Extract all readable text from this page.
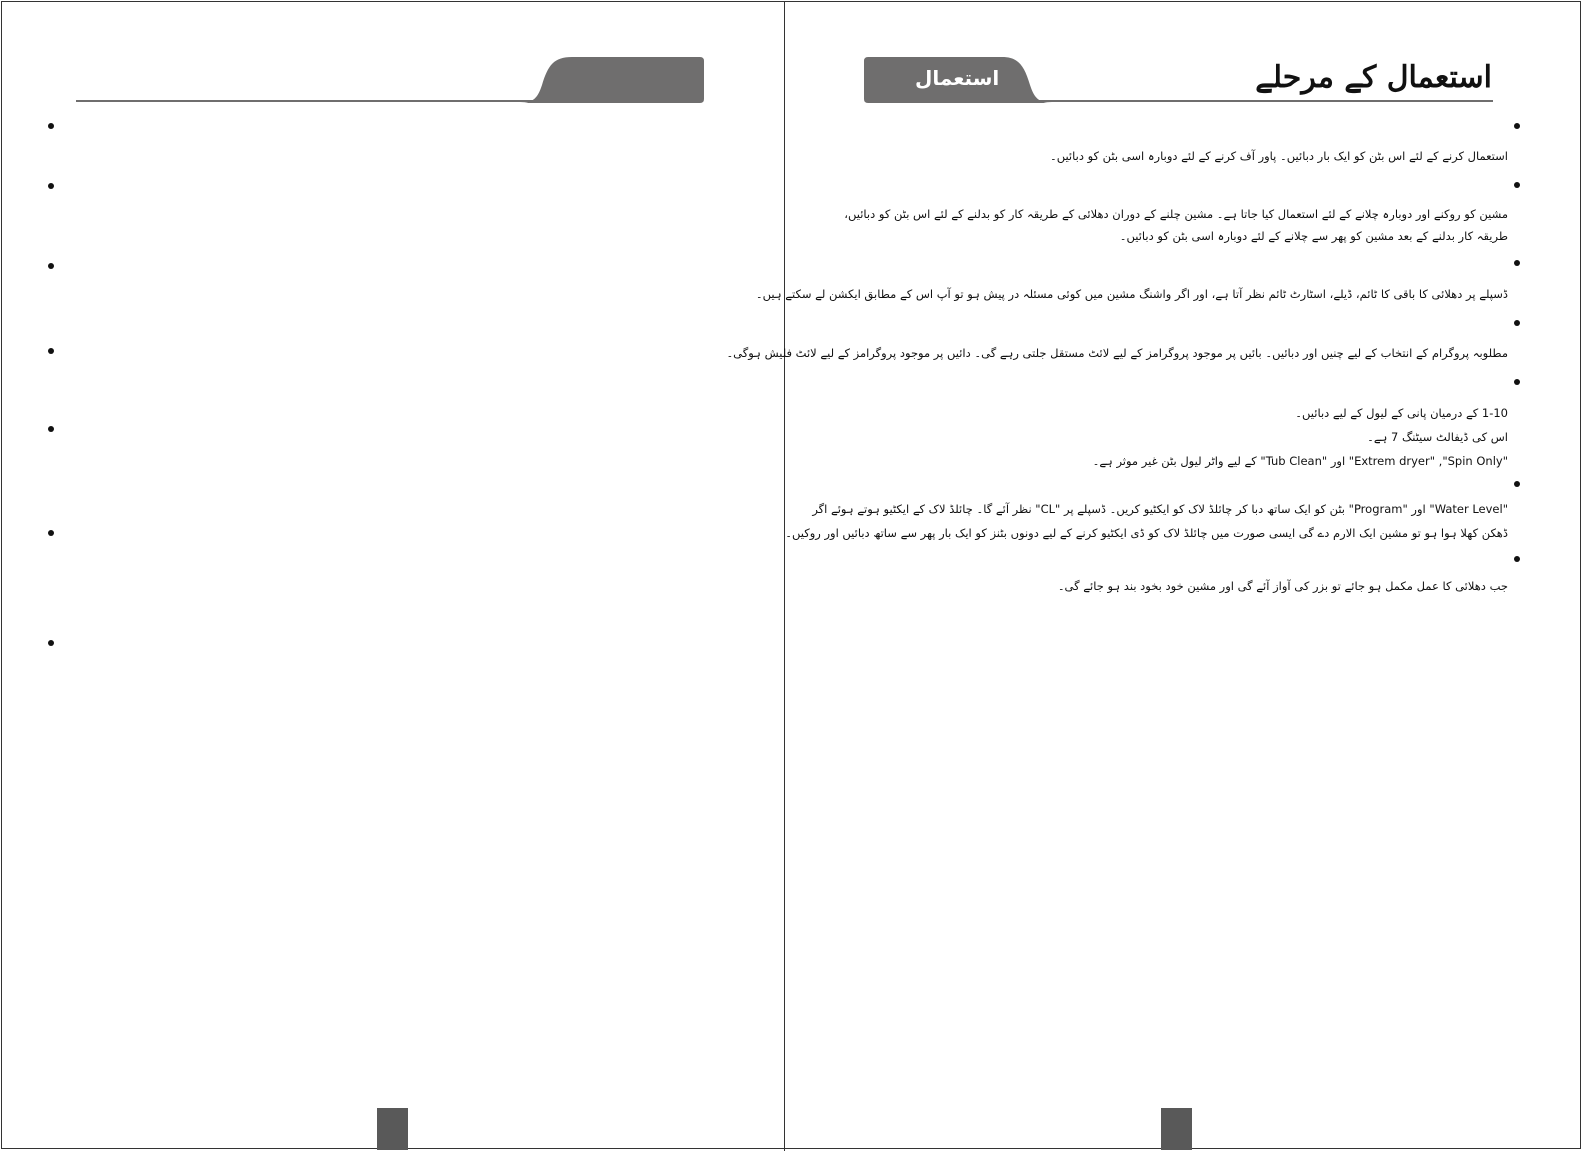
استعمال	استعمال کے مرحلے
استعمال کرنے کے لئے اس بٹن کو ایک بار دبائیں۔ پاور آف کرنے کے لئے دوبارہ اسی بٹن کو دبائیں۔
مشین کو روکنے اور دوبارہ چلانے کے لئے استعمال کیا جاتا ہے۔ مشین چلنے کے دوران دھلائی کے طریقہ کار کو بدلنے کے لئے اس بٹن کو دبائیں،
طریقہ کار بدلنے کے بعد مشین کو پھر سے چلانے کے لئے دوبارہ اسی بٹن کو دبائیں۔
ڈسپلے پر دھلائی کا باقی کا ٹائم، ڈیلے، اسٹارٹ ٹائم نظر آتا ہے، اور اگر واشنگ مشین میں کوئی مسئلہ در پیش ہو تو آپ اس کے مطابق ایکشن لے سکتے ہیں۔
مطلوبہ پروگرام کے انتخاب کے لیے چنیں اور دبائیں۔ بائیں پر موجود پروگرامز کے لیے لائٹ مستقل جلتی رہے گی۔ دائیں پر موجود پروگرامز کے لیے لائٹ فلیش ہوگی۔
1-10 کے درمیان پانی کے لیول کے لیے دبائیں۔
اس کی ڈیفالٹ سیٹنگ 7 ہے۔
"Extrem dryer" ,"Spin Only" اور "Tub Clean" کے لیے واٹر لیول بٹن غیر موثر ہے۔
"Water Level" اور "Program" بٹن کو ایک ساتھ دبا کر چائلڈ لاک کو ایکٹیو کریں۔ ڈسپلے پر "CL" نظر آئے گا۔ چائلڈ لاک کے ایکٹیو ہوتے ہوئے اگر
ڈھکن کھلا ہوا ہو تو مشین ایک الارم دے گی ایسی صورت میں چائلڈ لاک کو ڈی ایکٹیو کرنے کے لیے دونوں بٹنز کو ایک بار پھر سے ساتھ دبائیں اور روکیں۔
جب دھلائی کا عمل مکمل ہو جائے تو بزر کی آواز آئے گی اور مشین خود بخود بند ہو جائے گی۔
